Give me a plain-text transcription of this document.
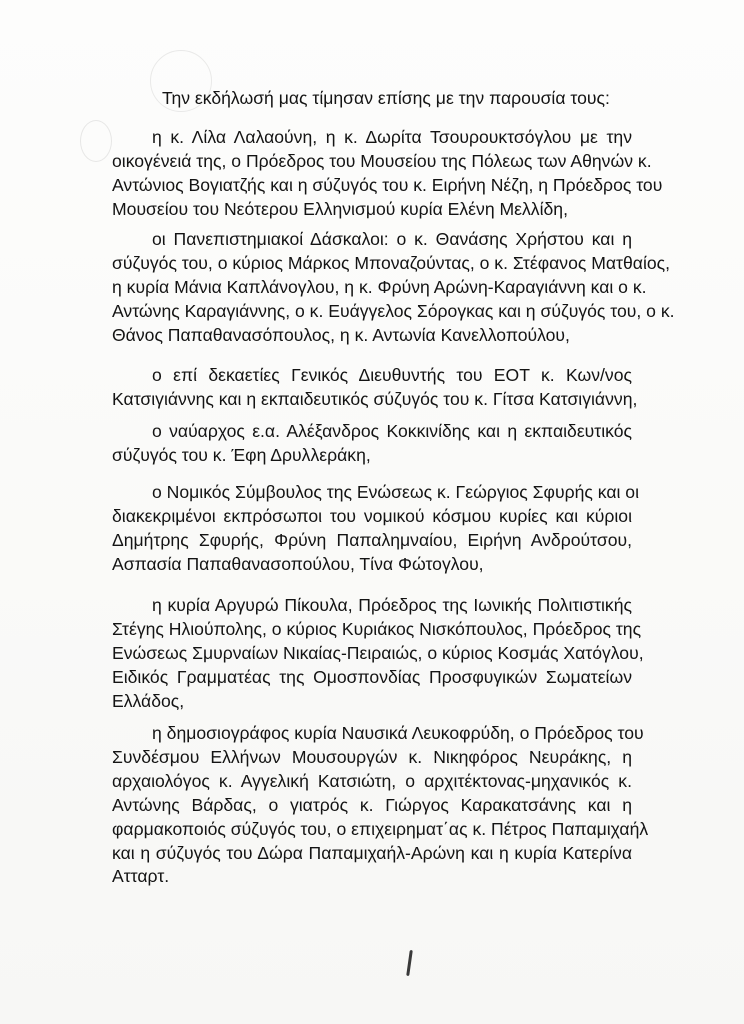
Την εκδήλωσή μας τίμησαν επίσης με την παρουσία τους:
η κ. Λίλα Λαλαούνη, η κ. Δωρίτα Τσουρουκτσόγλου με την
οικογένειά της, ο Πρόεδρος του Μουσείου της Πόλεως των Αθηνών κ.
Αντώνιος Βογιατζής και η σύζυγός του κ. Ειρήνη Νέζη, η Πρόεδρος του
Μουσείου του Νεότερου Ελληνισμού κυρία Ελένη Μελλίδη,
οι Πανεπιστημιακοί Δάσκαλοι: ο κ. Θανάσης Χρήστου και η
σύζυγός του, ο κύριος Μάρκος Μποναζούντας, ο κ. Στέφανος Ματθαίος,
η κυρία Μάνια Καπλάνογλου, η κ. Φρύνη Αρώνη-Καραγιάννη και ο κ.
Αντώνης Καραγιάννης, ο κ. Ευάγγελος Σόρογκας και η σύζυγός του, ο κ.
Θάνος Παπαθανασόπουλος, η κ. Αντωνία Κανελλοπούλου,
ο επί δεκαετίες Γενικός Διευθυντής του ΕΟΤ κ. Κων/νος
Κατσιγιάννης και η εκπαιδευτικός σύζυγός του κ. Γίτσα Κατσιγιάννη,
ο ναύαρχος ε.α. Αλέξανδρος Κοκκινίδης και η εκπαιδευτικός
σύζυγός του κ. Έφη Δρυλλεράκη,
ο Νομικός Σύμβουλος της Ενώσεως κ. Γεώργιος Σφυρής και οι
διακεκριμένοι εκπρόσωποι του νομικού κόσμου κυρίες και κύριοι
Δημήτρης Σφυρής, Φρύνη Παπαλημναίου, Ειρήνη Ανδρούτσου,
Ασπασία Παπαθανασοπούλου, Τίνα Φώτογλου,
η κυρία Αργυρώ Πίκουλα, Πρόεδρος της Ιωνικής Πολιτιστικής
Στέγης Ηλιούπολης, ο κύριος Κυριάκος Νισκόπουλος, Πρόεδρος της
Ενώσεως Σμυρναίων Νικαίας-Πειραιώς, ο κύριος Κοσμάς Χατόγλου,
Ειδικός Γραμματέας της Ομοσπονδίας Προσφυγικών Σωματείων
Ελλάδος,
η δημοσιογράφος κυρία Ναυσικά Λευκοφρύδη, ο Πρόεδρος του
Συνδέσμου Ελλήνων Μουσουργών κ. Νικηφόρος Νευράκης, η
αρχαιολόγος κ. Αγγελική Κατσιώτη, ο αρχιτέκτονας-μηχανικός κ.
Αντώνης Βάρδας, ο γιατρός κ. Γιώργος Καρακατσάνης και η
φαρμακοποιός σύζυγός του, ο επιχειρηματ΄ας κ. Πέτρος Παπαμιχαήλ
και η σύζυγός του Δώρα Παπαμιχαήλ-Αρώνη και η κυρία Κατερίνα
Ατταρτ.
